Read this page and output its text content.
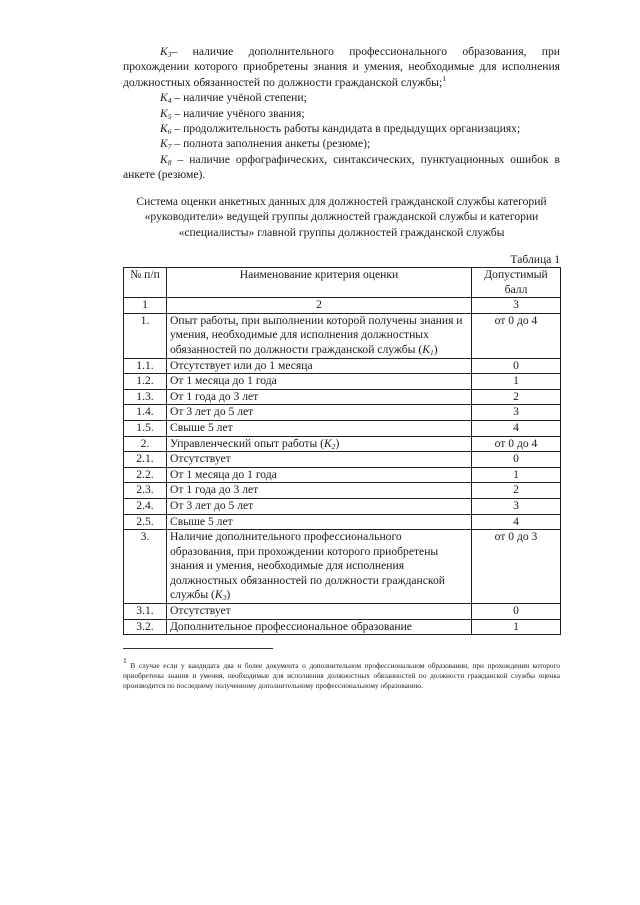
$K_3-$ наличие дополнительного профессионального образования, при прохождении которого приобретены знания и умения, необходимые для исполнения должностных обязанностей по должности гражданской службы;$^1$

$K_4$ – наличие учёной степени;

$K_5$ – наличие учёного звания;

$K_6$ – продолжительность работы кандидата в предыдущих организациях;

$K_7$ – полнота заполнения анкеты (резюме);

$K_8$ – наличие орфографических, синтаксических, пунктуационных ошибок в анкете (резюме).

Система оценки анкетных данных для должностей гражданской службы категорий «руководители» ведущей группы должностей гражданской службы и категории «специалисты» главной группы должностей гражданской службы
Таблица 1
№ п/п	Наименование критерия оценки	Допустимый балл
1	2	3
1.	Опыт работы, при выполнении которой получены знания и умения, необходимые для исполнения должностных обязанностей по должности гражданской службы $(K_1)$	от 0 до 4
1.1.	Отсутствует или до 1 месяца	0
1.2.	От 1 месяца до 1 года	1
1.3.	От 1 года до 3 лет	2
1.4.	От 3 лет до 5 лет	3
1.5.	Свыше 5 лет	4
2.	Управленческий опыт работы $(K_2)$	от 0 до 4
2.1.	Отсутствует	0
2.2.	От 1 месяца до 1 года	1
2.3.	От 1 года до 3 лет	2
2.4.	От 3 лет до 5 лет	3
2.5.	Свыше 5 лет	4
3.	Наличие дополнительного профессионального образования, при прохождении которого приобретены знания и умения, необходимые для исполнения должностных обязанностей по должности гражданской службы $(K_3)$	от 0 до 3
3.1.	Отсутствует	0
3.2.	Дополнительное профессиональное образование	1
$^1$ В случае если у кандидата два и более документа о дополнительном профессиональном образовании, при прохождении которого приобретены знания и умения, необходимые для исполнения должностных обязанностей по должности гражданской службы оценка производится по последнему полученному дополнительному профессиональному образованию.
